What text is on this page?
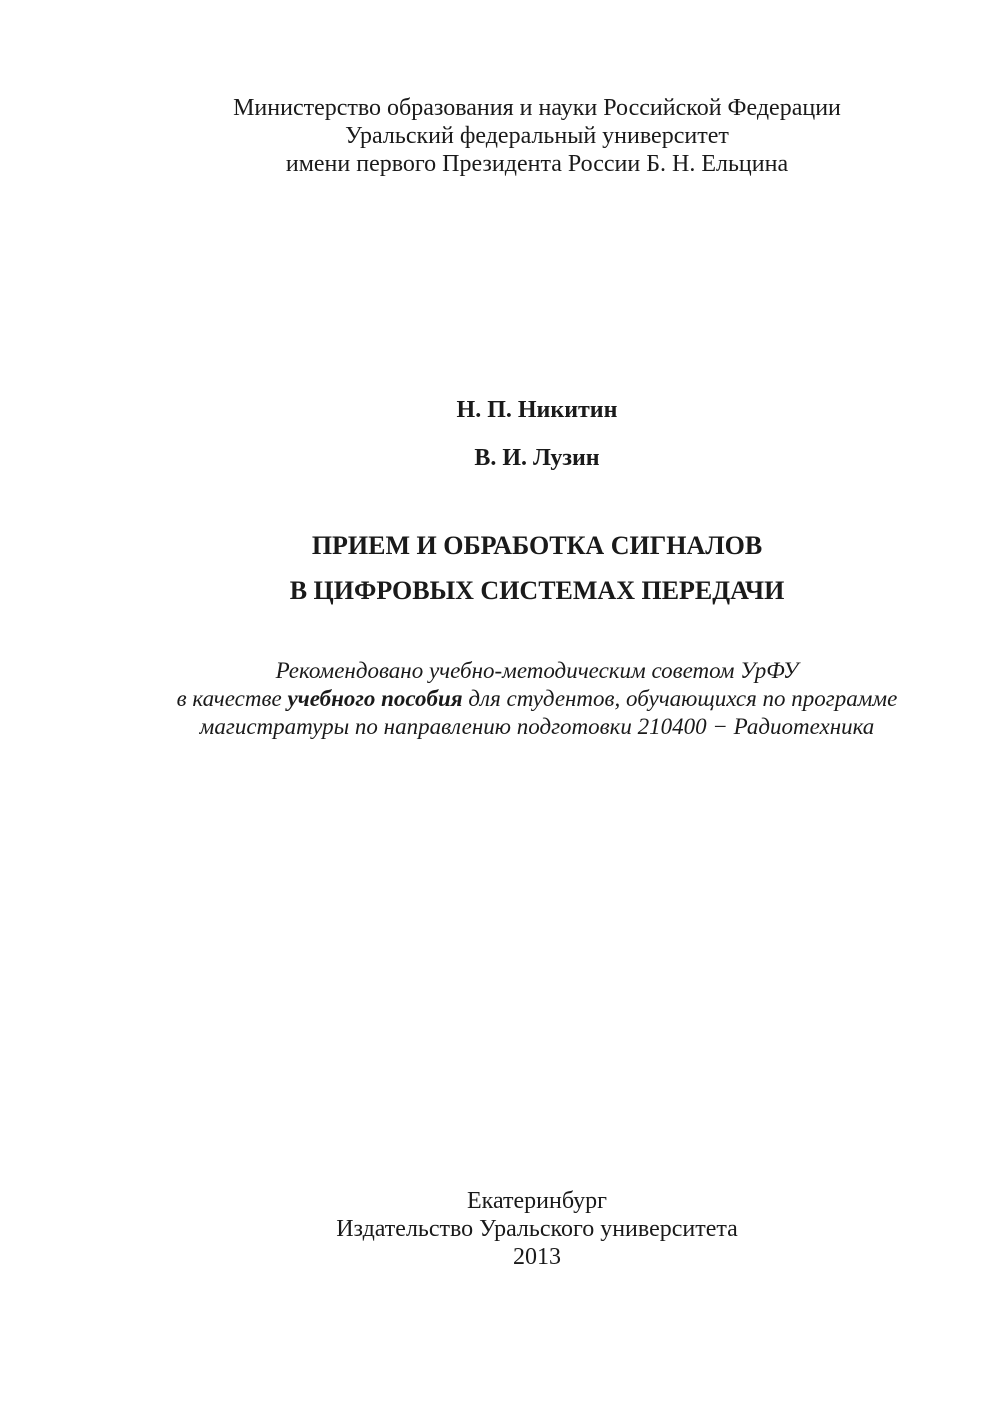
Министерство образования и науки Российской Федерации
Уральский федеральный университет
имени первого Президента России Б. Н. Ельцина
Н. П. Никитин
В. И. Лузин
ПРИЕМ И ОБРАБОТКА СИГНАЛОВ
В ЦИФРОВЫХ СИСТЕМАХ ПЕРЕДАЧИ
Рекомендовано учебно-методическим советом УрФУ
в качестве учебного пособия для студентов, обучающихся по программе
магистратуры по направлению подготовки 210400 − Радиотехника
Екатеринбург
Издательство Уральского университета
2013
